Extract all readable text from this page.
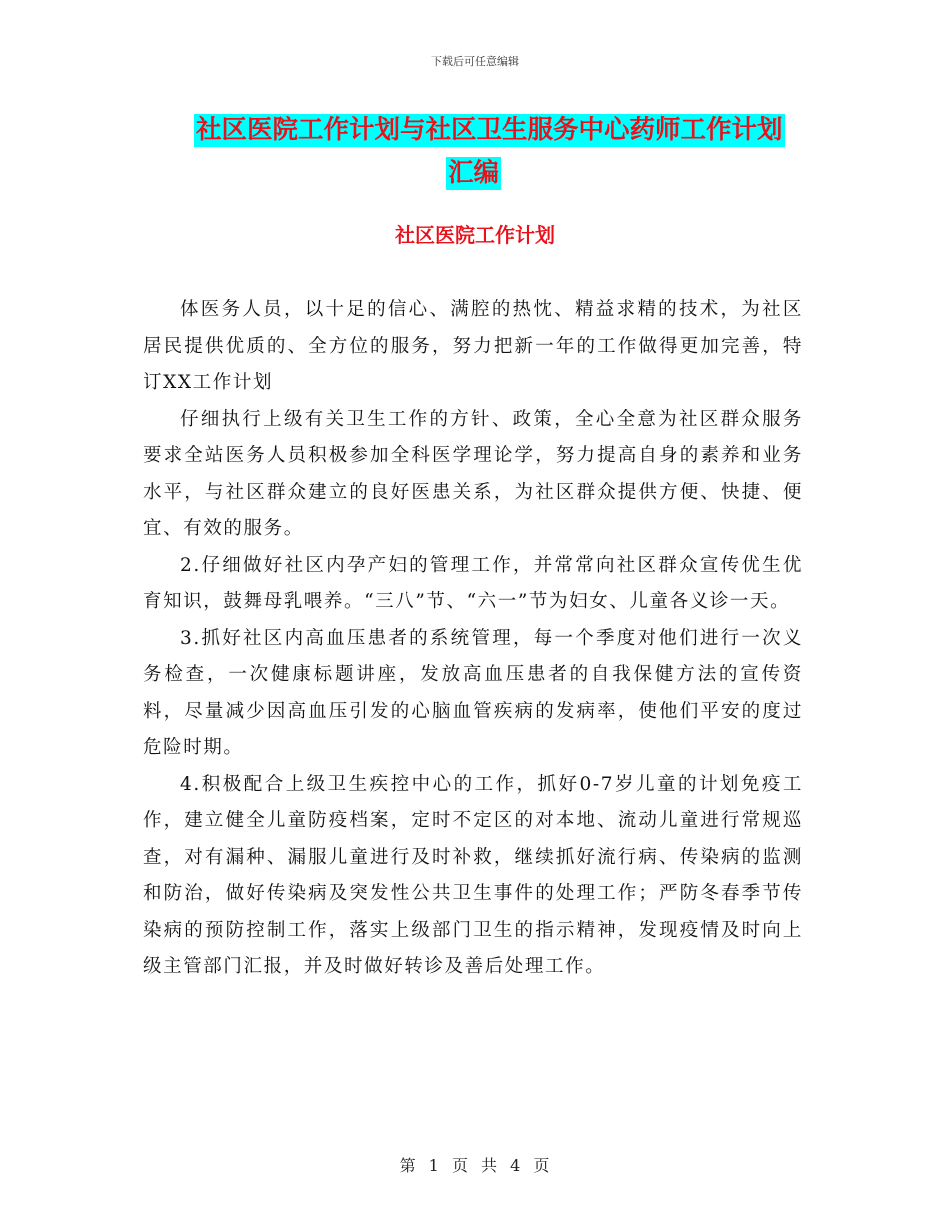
下载后可任意编辑
社区医院工作计划与社区卫生服务中心药师工作计划
汇编
社区医院工作计划

体医务人员，以十足的信心、满腔的热忱、精益求精的技术，为社区居民提供优质的、全方位的服务，努力把新一年的工作做得更加完善，特订XX工作计划

仔细执行上级有关卫生工作的方针、政策，全心全意为社区群众服务要求全站医务人员积极参加全科医学理论学，努力提高自身的素养和业务水平，与社区群众建立的良好医患关系，为社区群众提供方便、快捷、便宜、有效的服务。

2.仔细做好社区内孕产妇的管理工作，并常常向社区群众宣传优生优育知识，鼓舞母乳喂养。“三八”节、“六一”节为妇女、儿童各义诊一天。

3.抓好社区内高血压患者的系统管理，每一个季度对他们进行一次义务检查，一次健康标题讲座，发放高血压患者的自我保健方法的宣传资料，尽量减少因高血压引发的心脑血管疾病的发病率，使他们平安的度过危险时期。

4.积极配合上级卫生疾控中心的工作，抓好0-7岁儿童的计划免疫工作，建立健全儿童防疫档案，定时不定区的对本地、流动儿童进行常规巡查，对有漏种、漏服儿童进行及时补救，继续抓好流行病、传染病的监测和防治，做好传染病及突发性公共卫生事件的处理工作；严防冬春季节传染病的预防控制工作，落实上级部门卫生的指示精神，发现疫情及时向上级主管部门汇报，并及时做好转诊及善后处理工作。

第 1 页 共 4 页
